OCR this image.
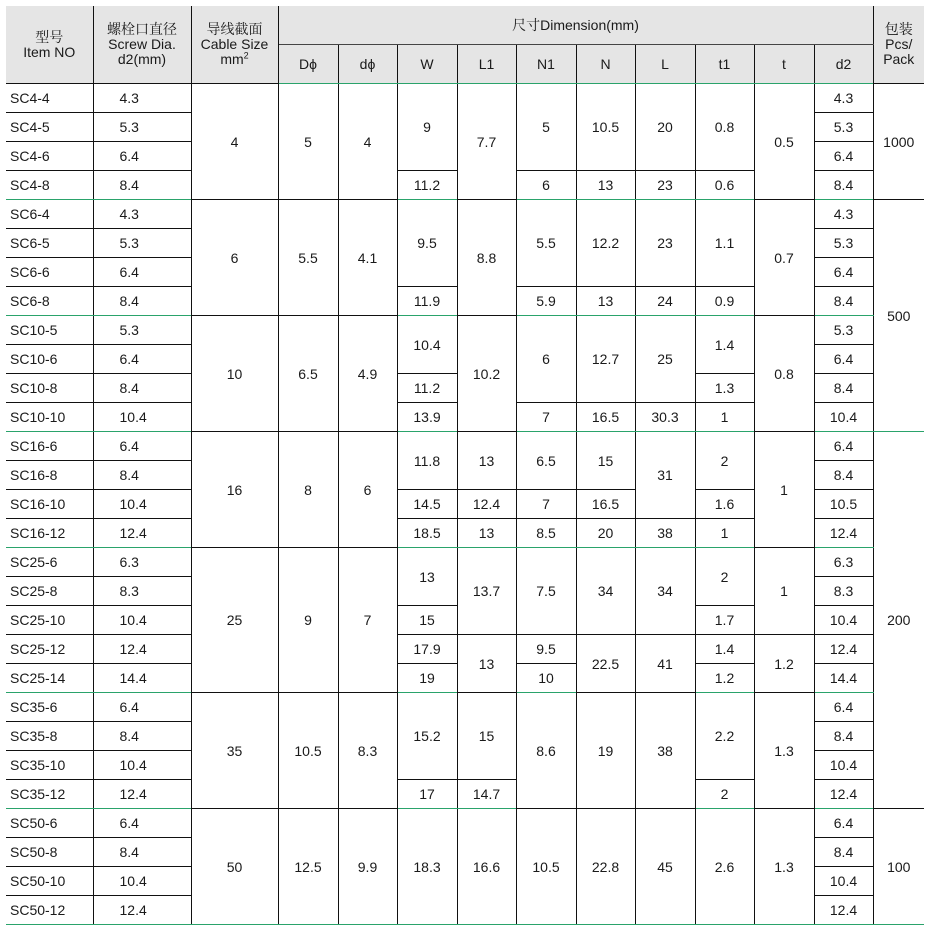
型号
Item NO	螺栓口直径
Screw Dia.
d2(mm)	导线截面
Cable Size
$mm^2$	尺寸Dimension(mm)										包装
Pcs/
Pack

			Dϕ	dϕ	W	L1	N1	N	L	t1	t	d2	
SC4-4	4.3	4	5	4	9	7.7	5	10.5	20	0.8	0.5	4.3	1000
SC4-5	5.3											5.3	
SC4-6	6.4											6.4	
SC4-8	8.4				11.2		6	13	23	0.6		8.4	
SC6-4	4.3	6	5.5	4.1	9.5	8.8	5.5	12.2	23	1.1	0.7	4.3	500
SC6-5	5.3											5.3	
SC6-6	6.4											6.4	
SC6-8	8.4				11.9		5.9	13	24	0.9		8.4	
SC10-5	5.3	10	6.5	4.9	10.4	10.2	6	12.7	25	1.4	0.8	5.3	
SC10-6	6.4											6.4	
SC10-8	8.4				11.2					1.3		8.4	
SC10-10	10.4				13.9		7	16.5	30.3	1		10.4	
SC16-6	6.4	16	8	6	11.8	13	6.5	15	31	2	1	6.4	200
SC16-8	8.4											8.4	
SC16-10	10.4				14.5	12.4	7	16.5		1.6		10.5	
SC16-12	12.4				18.5	13	8.5	20	38	1		12.4	
SC25-6	6.3	25	9	7	13	13.7	7.5	34	34	2	1	6.3	
SC25-8	8.3											8.3	
SC25-10	10.4				15					1.7		10.4	
SC25-12	12.4				17.9	13	9.5	22.5	41	1.4	1.2	12.4	
SC25-14	14.4				19		10			1.2		14.4	
SC35-6	6.4	35	10.5	8.3	15.2	15	8.6	19	38	2.2	1.3	6.4	
SC35-8	8.4											8.4	
SC35-10	10.4											10.4	
SC35-12	12.4				17	14.7				2		12.4	
SC50-6	6.4	50	12.5	9.9	18.3	16.6	10.5	22.8	45	2.6	1.3	6.4	100
SC50-8	8.4											8.4	
SC50-10	10.4											10.4	
SC50-12	12.4											12.4	
